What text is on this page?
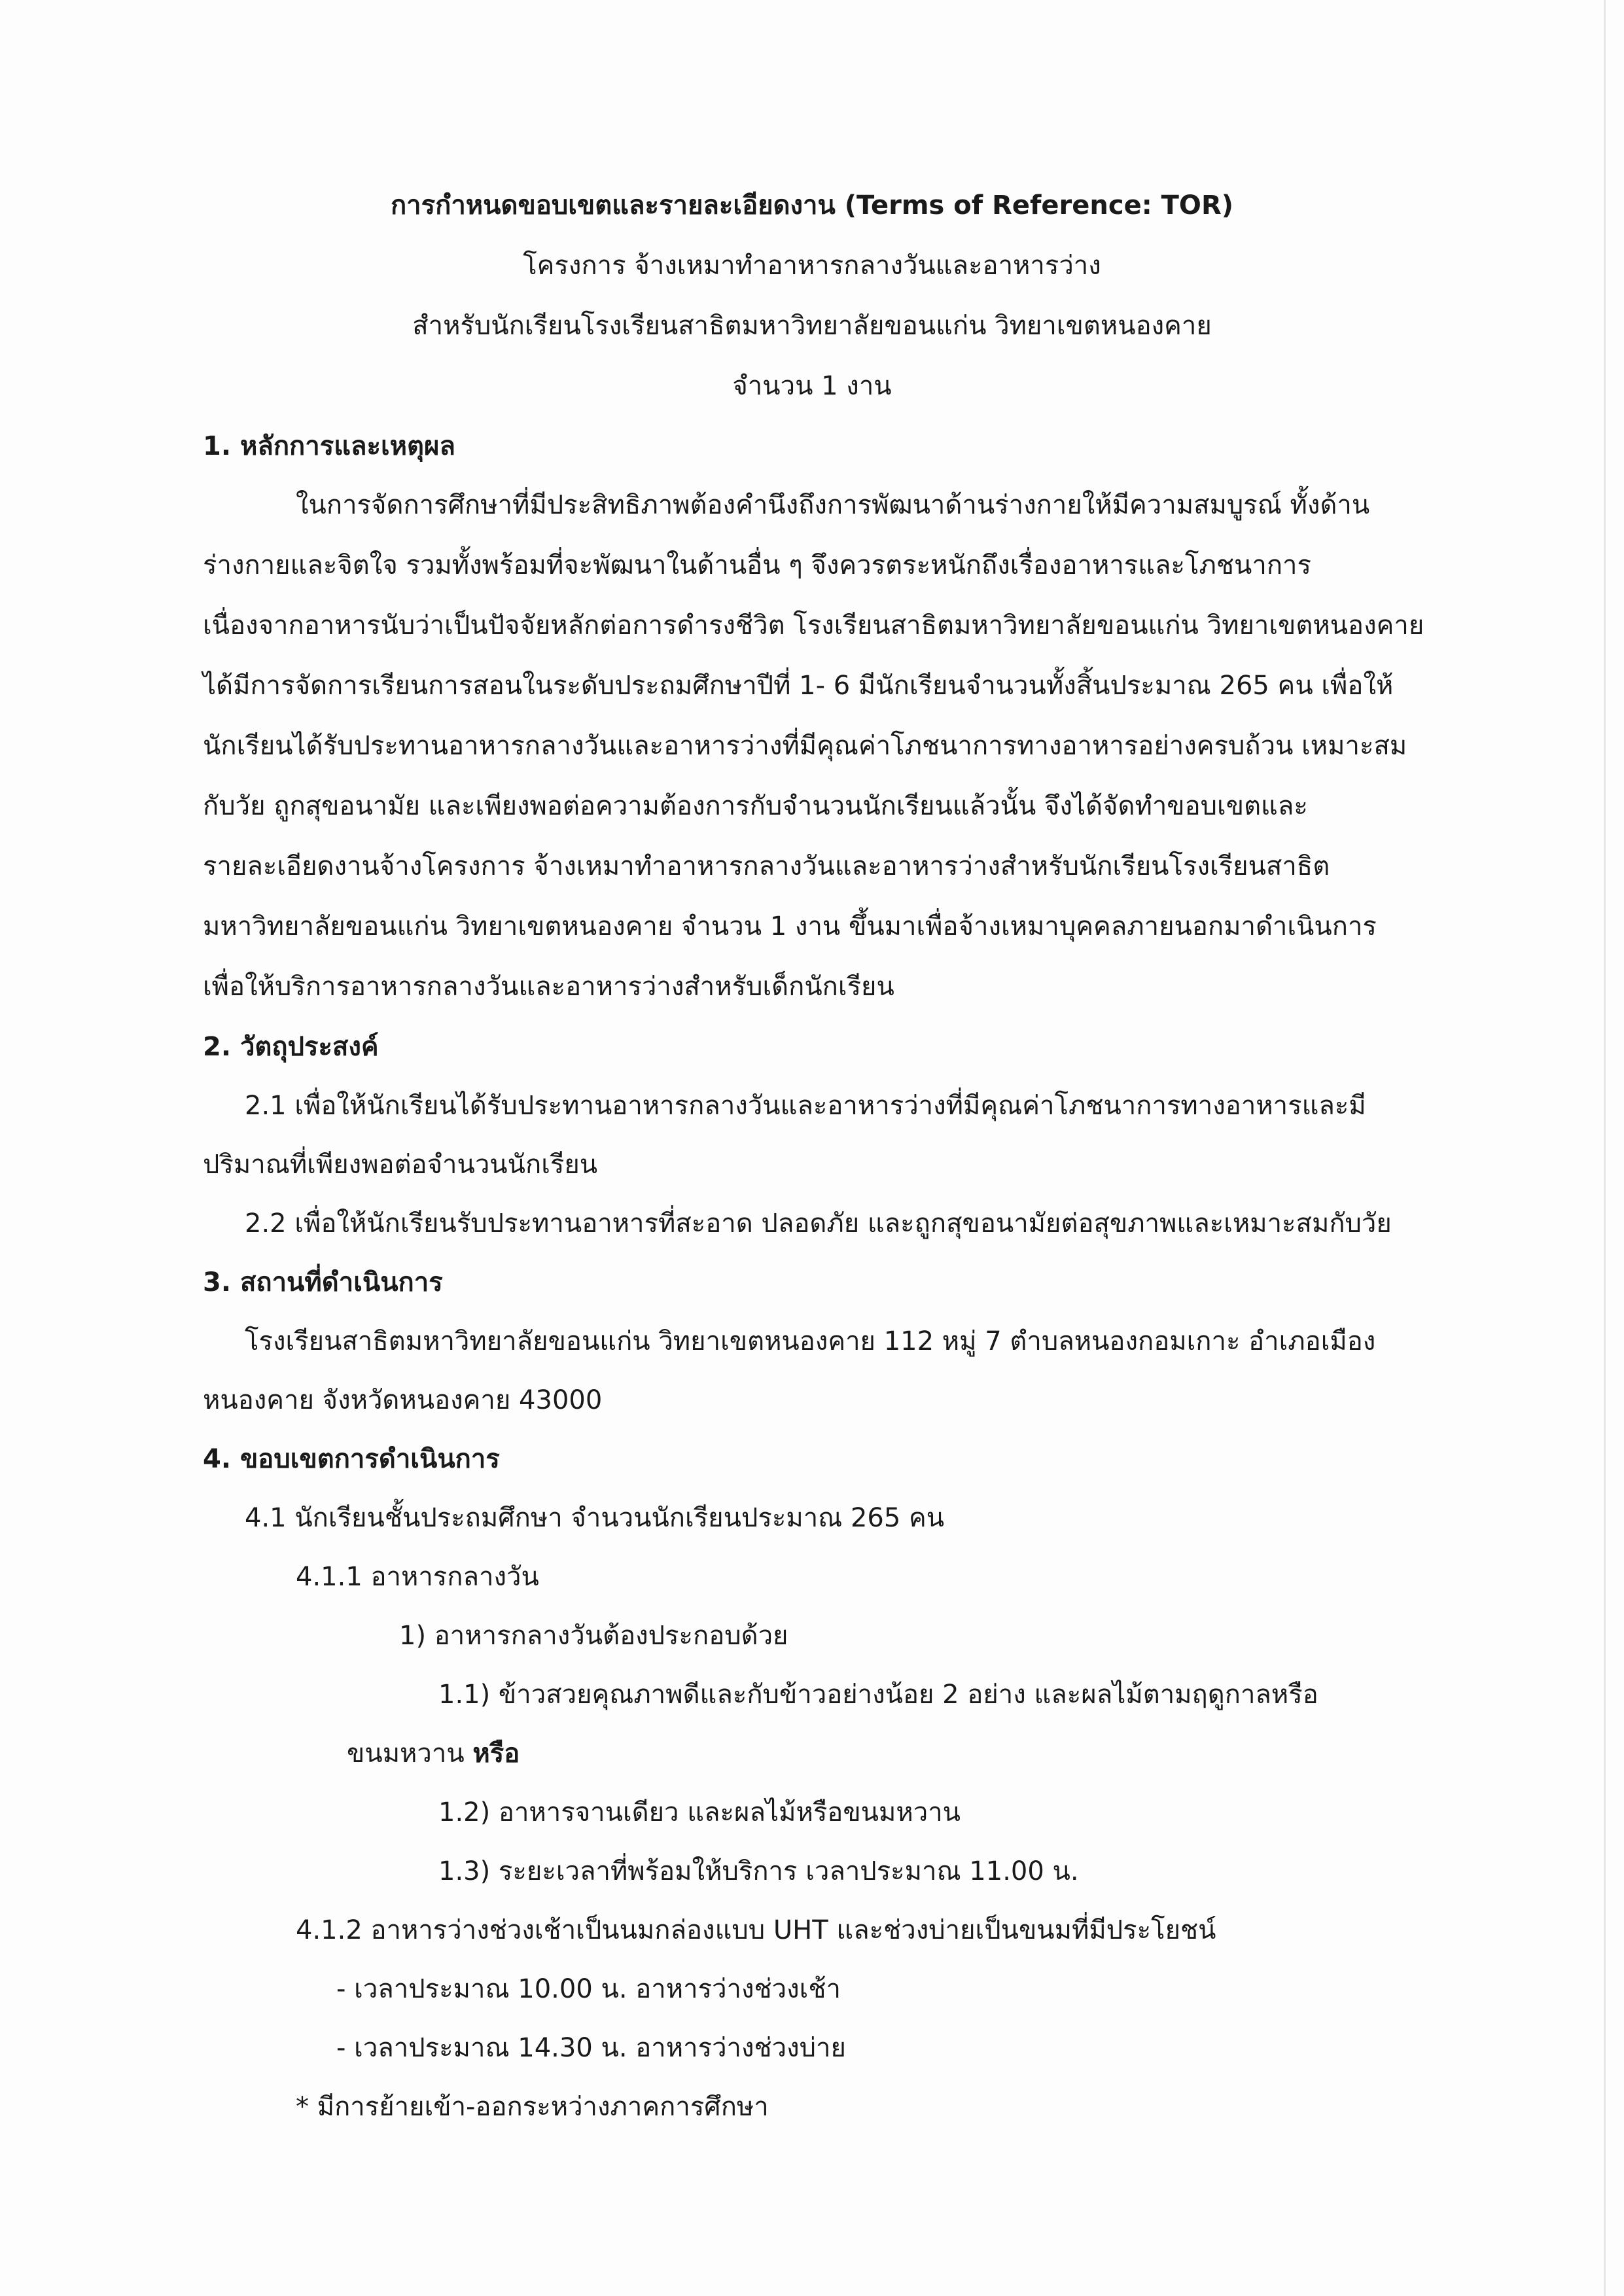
การกำหนดขอบเขตและรายละเอียดงาน (Terms of Reference: TOR)
โครงการ จ้างเหมาทำอาหารกลางวันและอาหารว่าง
สำหรับนักเรียนโรงเรียนสาธิตมหาวิทยาลัยขอนแก่น วิทยาเขตหนองคาย
จำนวน 1 งาน
1. หลักการและเหตุผล
ในการจัดการศึกษาที่มีประสิทธิภาพต้องคำนึงถึงการพัฒนาด้านร่างกายให้มีความสมบูรณ์ ทั้งด้าน
ร่างกายและจิตใจ รวมทั้งพร้อมที่จะพัฒนาในด้านอื่น ๆ จึงควรตระหนักถึงเรื่องอาหารและโภชนาการ
เนื่องจากอาหารนับว่าเป็นปัจจัยหลักต่อการดำรงชีวิต โรงเรียนสาธิตมหาวิทยาลัยขอนแก่น วิทยาเขตหนองคาย
ได้มีการจัดการเรียนการสอนในระดับประถมศึกษาปีที่ 1- 6 มีนักเรียนจำนวนทั้งสิ้นประมาณ 265 คน เพื่อให้
นักเรียนได้รับประทานอาหารกลางวันและอาหารว่างที่มีคุณค่าโภชนาการทางอาหารอย่างครบถ้วน เหมาะสม
กับวัย ถูกสุขอนามัย และเพียงพอต่อความต้องการกับจำนวนนักเรียนแล้วนั้น จึงได้จัดทำขอบเขตและ
รายละเอียดงานจ้างโครงการ จ้างเหมาทำอาหารกลางวันและอาหารว่างสำหรับนักเรียนโรงเรียนสาธิต
มหาวิทยาลัยขอนแก่น วิทยาเขตหนองคาย จำนวน 1 งาน ขึ้นมาเพื่อจ้างเหมาบุคคลภายนอกมาดำเนินการ
เพื่อให้บริการอาหารกลางวันและอาหารว่างสำหรับเด็กนักเรียน
2. วัตถุประสงค์
2.1 เพื่อให้นักเรียนได้รับประทานอาหารกลางวันและอาหารว่างที่มีคุณค่าโภชนาการทางอาหารและมี
ปริมาณที่เพียงพอต่อจำนวนนักเรียน
2.2 เพื่อให้นักเรียนรับประทานอาหารที่สะอาด ปลอดภัย และถูกสุขอนามัยต่อสุขภาพและเหมาะสมกับวัย
3. สถานที่ดำเนินการ
โรงเรียนสาธิตมหาวิทยาลัยขอนแก่น วิทยาเขตหนองคาย 112 หมู่ 7 ตำบลหนองกอมเกาะ อำเภอเมือง
หนองคาย จังหวัดหนองคาย 43000
4. ขอบเขตการดำเนินการ
4.1 นักเรียนชั้นประถมศึกษา จำนวนนักเรียนประมาณ 265 คน
4.1.1 อาหารกลางวัน
1) อาหารกลางวันต้องประกอบด้วย
1.1) ข้าวสวยคุณภาพดีและกับข้าวอย่างน้อย 2 อย่าง และผลไม้ตามฤดูกาลหรือ
ขนมหวาน หรือ
1.2) อาหารจานเดียว และผลไม้หรือขนมหวาน
1.3) ระยะเวลาที่พร้อมให้บริการ เวลาประมาณ 11.00 น.
4.1.2 อาหารว่างช่วงเช้าเป็นนมกล่องแบบ UHT และช่วงบ่ายเป็นขนมที่มีประโยชน์
- เวลาประมาณ 10.00 น. อาหารว่างช่วงเช้า
- เวลาประมาณ 14.30 น. อาหารว่างช่วงบ่าย
* มีการย้ายเข้า-ออกระหว่างภาคการศึกษา
